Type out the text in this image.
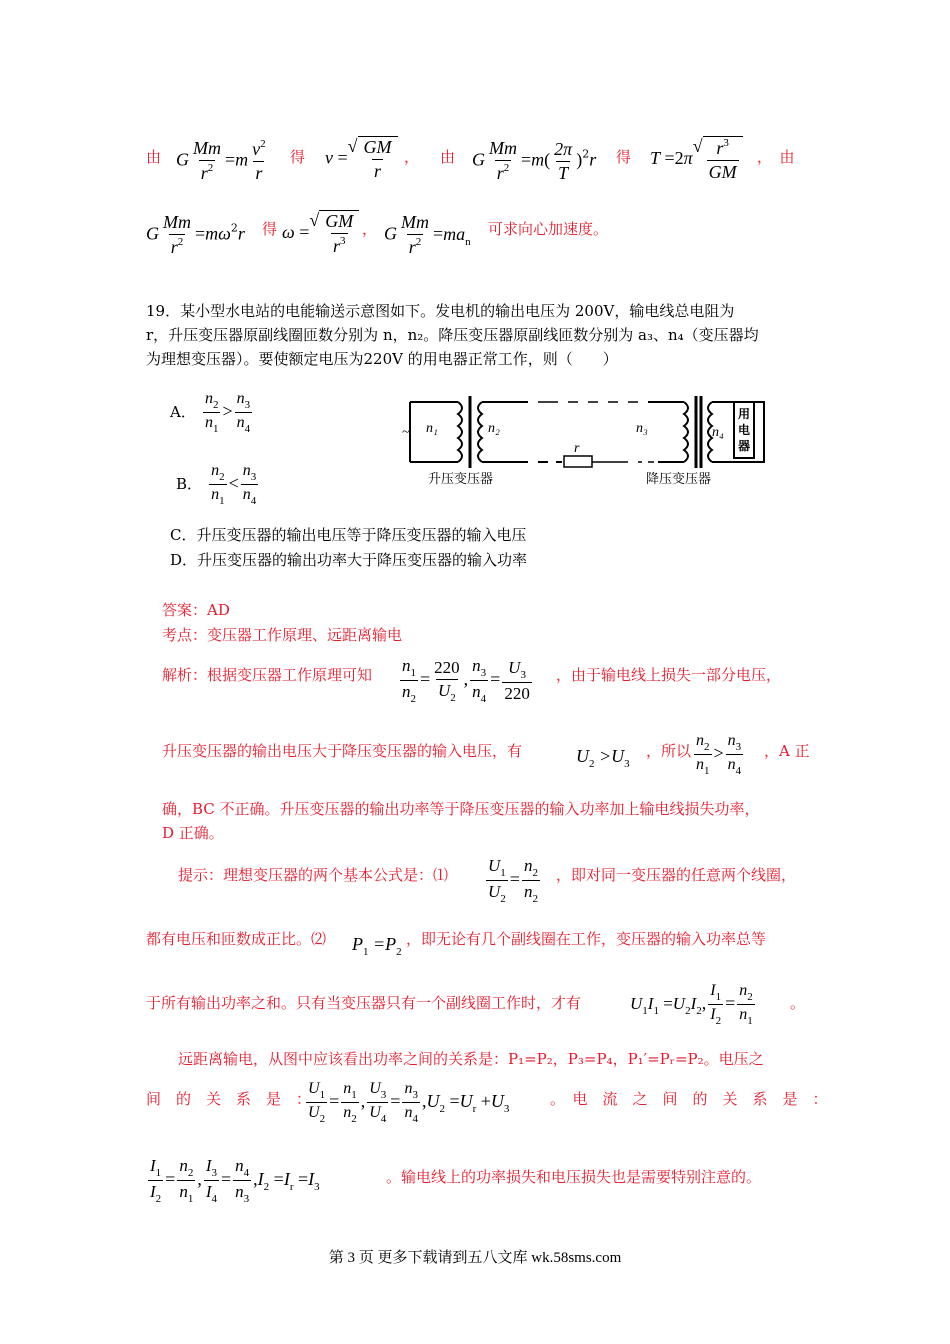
由 G $\frac{Mm}{r^2} =m \frac{v^2}{r}$ 得 v =
√ $\frac{GM}{r}$ ， 由 G $\frac{Mm}{r^2} =m( \frac{2\pi}{T} )^2r$ 得 T =2π
√ $\frac{r^3}{GM}$ ，　由
G $\frac{Mm}{r^2} =m\omega^2r$ 得 ω =
√ $\frac{GM}{r^3}$ ， G $\frac{Mm}{r^2} =ma_n$
可求向心加速度。
19．某小型水电站的电能输送示意图如下。发电机的输出电压为 200V，输电线总电阻为
r，升压变压器原副线圈匝数分别为 n，n₂。降压变压器原副线匝数分别为 a₃、n₄（变压器均
为理想变压器）。要使额定电压为220V 的用电器正常工作，则（　　）
A． $\frac{n_2}{n_1} > \frac{n_3}{n_4}$
B． $\frac{n_2}{n_1} < \frac{n_3}{n_4}$
C．升压变压器的输出电压等于降压变压器的输入电压
D．升压变压器的输出功率大于降压变压器的输入功率
~ n₁	n₂	n₃	n₄
r
用
电
器
升压变压器	降压变压器
答案：AD
考点：变压器工作原理、远距离输电
解析：根据变压器工作原理可知 $\frac{n_1}{n_2} = \frac{220}{U_2}$ , $\frac{n_3}{n_4} = \frac{U_3}{220}$ ，由于输电线上损失一部分电压，
升压变压器的输出电压大于降压变压器的输入电压，有	$U_2 >U_3$
，所以 $\frac{n_2}{n_1} > \frac{n_3}{n_4}$ ，A 正
确，BC 不正确。升压变压器的输出功率等于降压变压器的输入功率加上输电线损失功率，
D 正确。
提示：理想变压器的两个基本公式是：⑴ $\frac{U_1}{U_2} = \frac{n_2}{n_2}$ ，即对同一变压器的任意两个线圈，
都有电压和匝数成正比。⑵ $P_1 =P_2$
，即无论有几个副线圈在工作，变压器的输入功率总等
于所有输出功率之和。只有当变压器只有一个副线圈工作时，才有	$U_1I_1 =U_2I_2$, $\frac{I_1}{I_2} = \frac{n_2}{n_1}$ 。
远距离输电，从图中应该看出功率之间的关系是：P₁=P₂，P₃=P₄，P₁′=Pᵣ=P₂。电压之
间　的　关　系　是　：
$\frac{U_1}{U_2} = \frac{n_1}{n_2}$ , $\frac{U_3}{U_4} = \frac{n_3}{n_4} ,U_2 =U_r +U_3$
。　电　流　之　间　的　关　系　是　：
$\frac{I_1}{I_2} = \frac{n_2}{n_1}$ , $\frac{I_3}{I_4} = \frac{n_4}{n_3} ,I_2 =I_r =I_3$
。输电线上的功率损失和电压损失也是需要特别注意的。
第 3 页 更多下载请到五八文库 wk.58sms.com
